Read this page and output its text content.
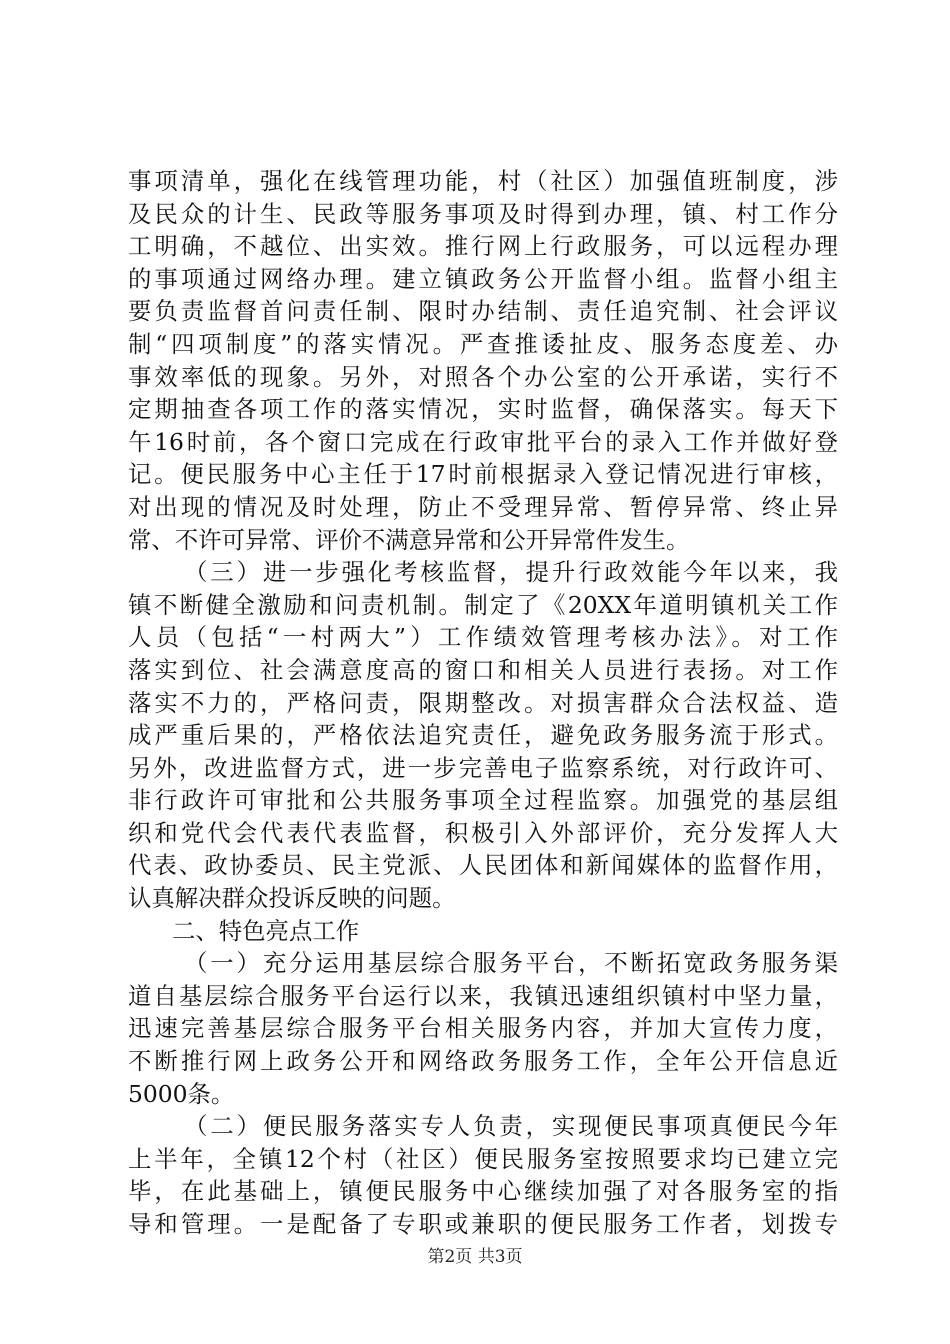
事项清单，强化在线管理功能，村（社区）加强值班制度，涉
及民众的计生、民政等服务事项及时得到办理，镇、村工作分
工明确，不越位、出实效。推行网上行政服务，可以远程办理
的事项通过网络办理。建立镇政务公开监督小组。监督小组主
要负责监督首问责任制、限时办结制、责任追究制、社会评议
制“四项制度”的落实情况。严查推诿扯皮、服务态度差、办
事效率低的现象。另外，对照各个办公室的公开承诺，实行不
定期抽查各项工作的落实情况，实时监督，确保落实。每天下
午16时前，各个窗口完成在行政审批平台的录入工作并做好登
记。便民服务中心主任于17时前根据录入登记情况进行审核，
对出现的情况及时处理，防止不受理异常、暂停异常、终止异
常、不许可异常、评价不满意异常和公开异常件发生。
（三）进一步强化考核监督，提升行政效能今年以来，我
镇不断健全激励和问责机制。制定了《20XX年道明镇机关工作
人员（包括“一村两大”）工作绩效管理考核办法》。对工作
落实到位、社会满意度高的窗口和相关人员进行表扬。对工作
落实不力的，严格问责，限期整改。对损害群众合法权益、造
成严重后果的，严格依法追究责任，避免政务服务流于形式。
另外，改进监督方式，进一步完善电子监察系统，对行政许可、
非行政许可审批和公共服务事项全过程监察。加强党的基层组
织和党代会代表代表监督，积极引入外部评价，充分发挥人大
代表、政协委员、民主党派、人民团体和新闻媒体的监督作用，
认真解决群众投诉反映的问题。
二、特色亮点工作
（一）充分运用基层综合服务平台，不断拓宽政务服务渠
道自基层综合服务平台运行以来，我镇迅速组织镇村中坚力量，
迅速完善基层综合服务平台相关服务内容，并加大宣传力度，
不断推行网上政务公开和网络政务服务工作，全年公开信息近
5000条。
（二）便民服务落实专人负责，实现便民事项真便民今年
上半年，全镇12个村（社区）便民服务室按照要求均已建立完
毕，在此基础上，镇便民服务中心继续加强了对各服务室的指
导和管理。一是配备了专职或兼职的便民服务工作者，划拨专
第2页 共3页
